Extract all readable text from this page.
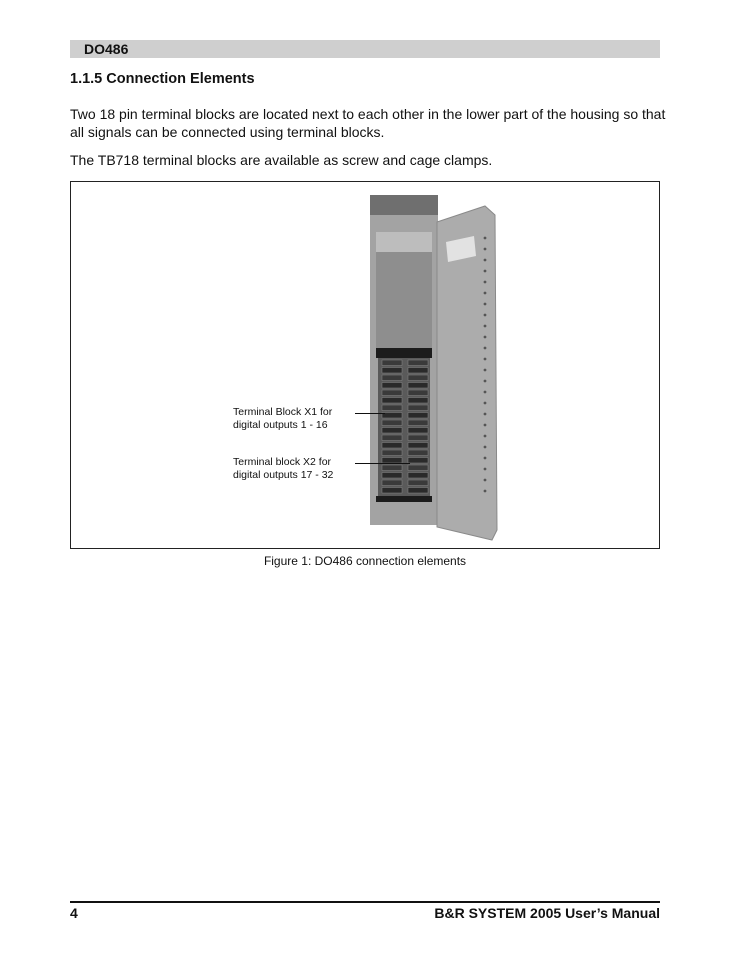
DO486
1.1.5 Connection Elements
Two 18 pin terminal blocks are located next to each other in the lower part of the housing so that
all signals can be connected using terminal blocks.
The TB718 terminal blocks are available as screw and cage clamps.
Terminal Block X1 for
digital outputs 1 - 16
Terminal block X2 for
digital outputs 17 - 32
Figure 1: DO486 connection elements
4	B&R SYSTEM 2005 User’s Manual
